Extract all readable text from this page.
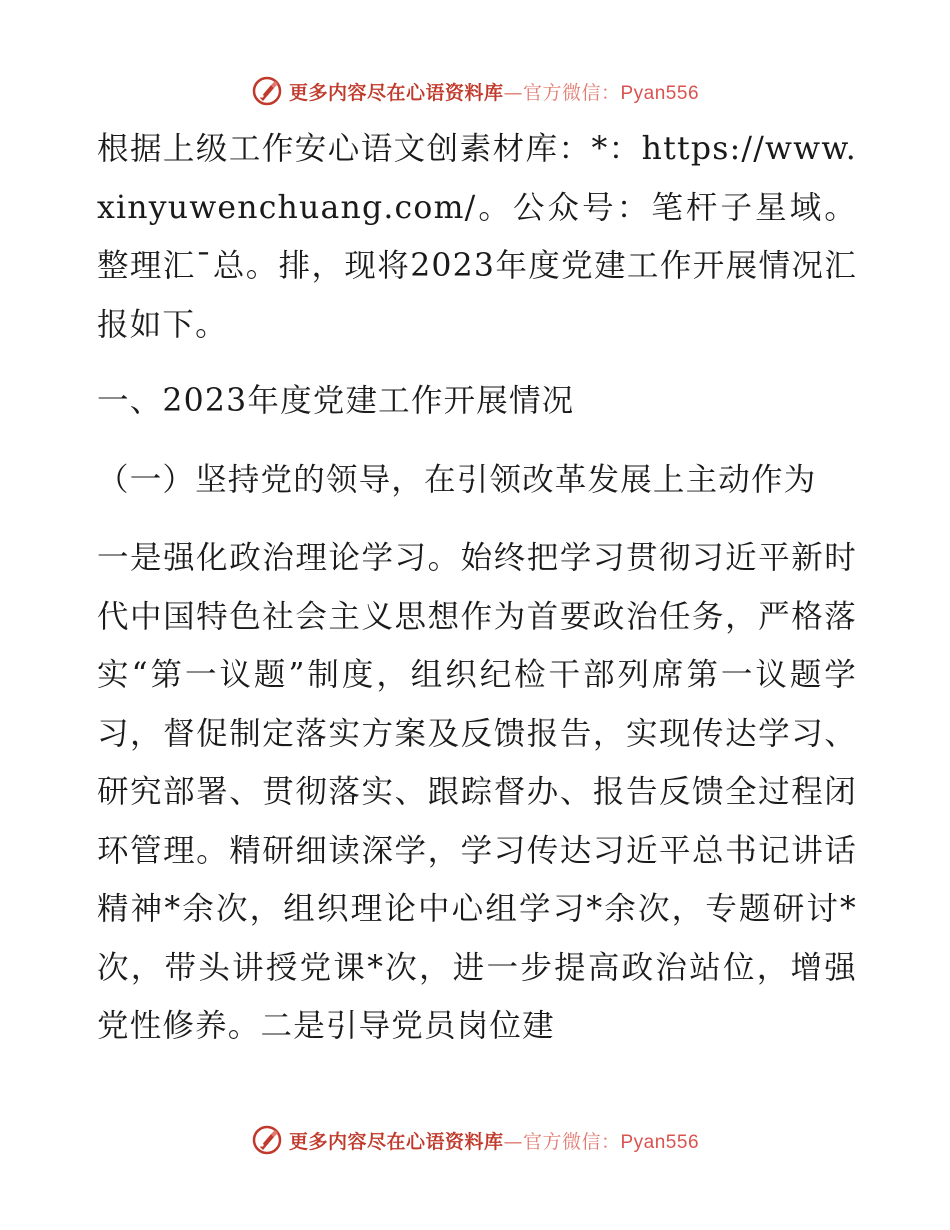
更多内容尽在心语资料库—官方微信：Pyan556

根据上级工作安心语文创素材库：*：https://www.xinyuwenchuang.com/。公众号：笔杆子星域。整理汇¯总。排，现将2023年度党建工作开展情况汇报如下。

一、2023年度党建工作开展情况

（一）坚持党的领导，在引领改革发展上主动作为

一是强化政治理论学习。始终把学习贯彻习近平新时代中国特色社会主义思想作为首要政治任务，严格落实“第一议题”制度，组织纪检干部列席第一议题学习，督促制定落实方案及反馈报告，实现传达学习、研究部署、贯彻落实、跟踪督办、报告反馈全过程闭环管理。精研细读深学，学习传达习近平总书记讲话精神*余次，组织理论中心组学习*余次，专题研讨*次，带头讲授党课*次，进一步提高政治站位，增强党性修养。二是引导党员岗位建

更多内容尽在心语资料库—官方微信：Pyan556
